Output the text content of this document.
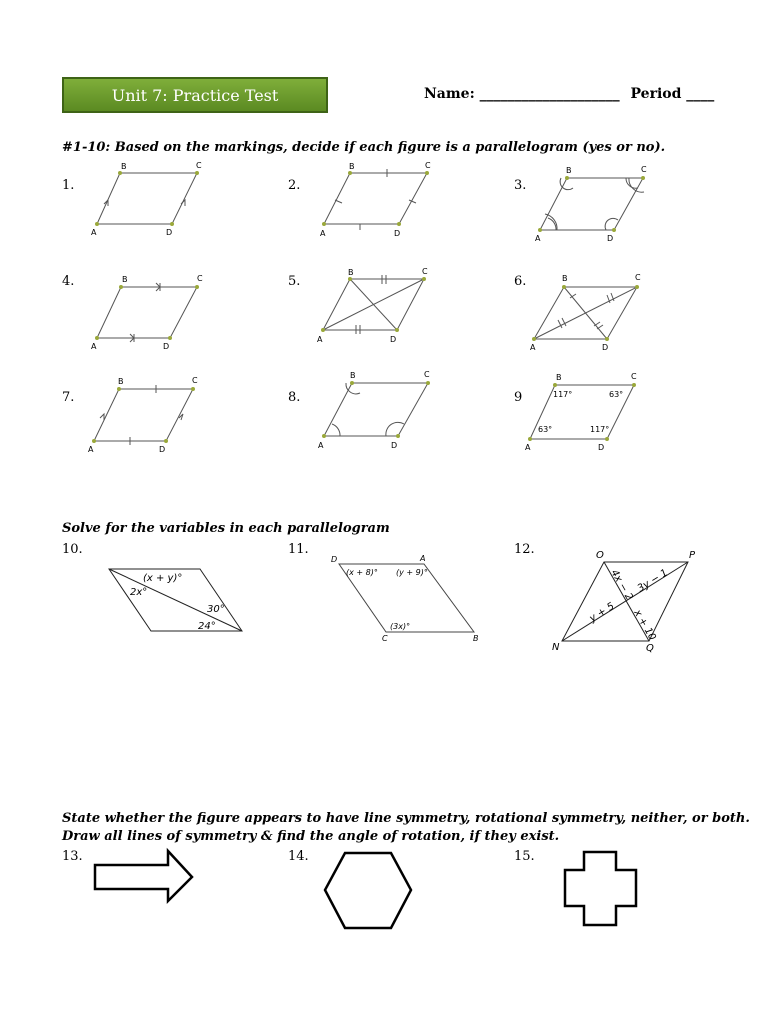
Unit 7: Practice Test	Name: ____________________ Period ____
#1-10: Based on the markings, decide if each figure is a parallelogram (yes or no).
1.	2.	3.
4.	5.	6.
7.	8.	9
Solve for the variables in each parallelogram
10.	11.	12.
State whether the figure appears to have line symmetry, rotational symmetry, neither, or both.
Draw all lines of symmetry & find the angle of rotation, if they exist.
13.	14.	15.
A
B	C
D	A
B	C
D
A
B	C
D
A
B	C
D
A
B	C
D
A
B	C
D
A
B	C
D	A
B	C
D	A
B	C
D
117°	63°
63°	117°
(x + y)°
2x°
30°
24°
D	A
B
C
(x + 8)° (y + 9)°
(3x)°
O	P
N	Q
4x − 2 3y − 1
y + 5 x + 10
